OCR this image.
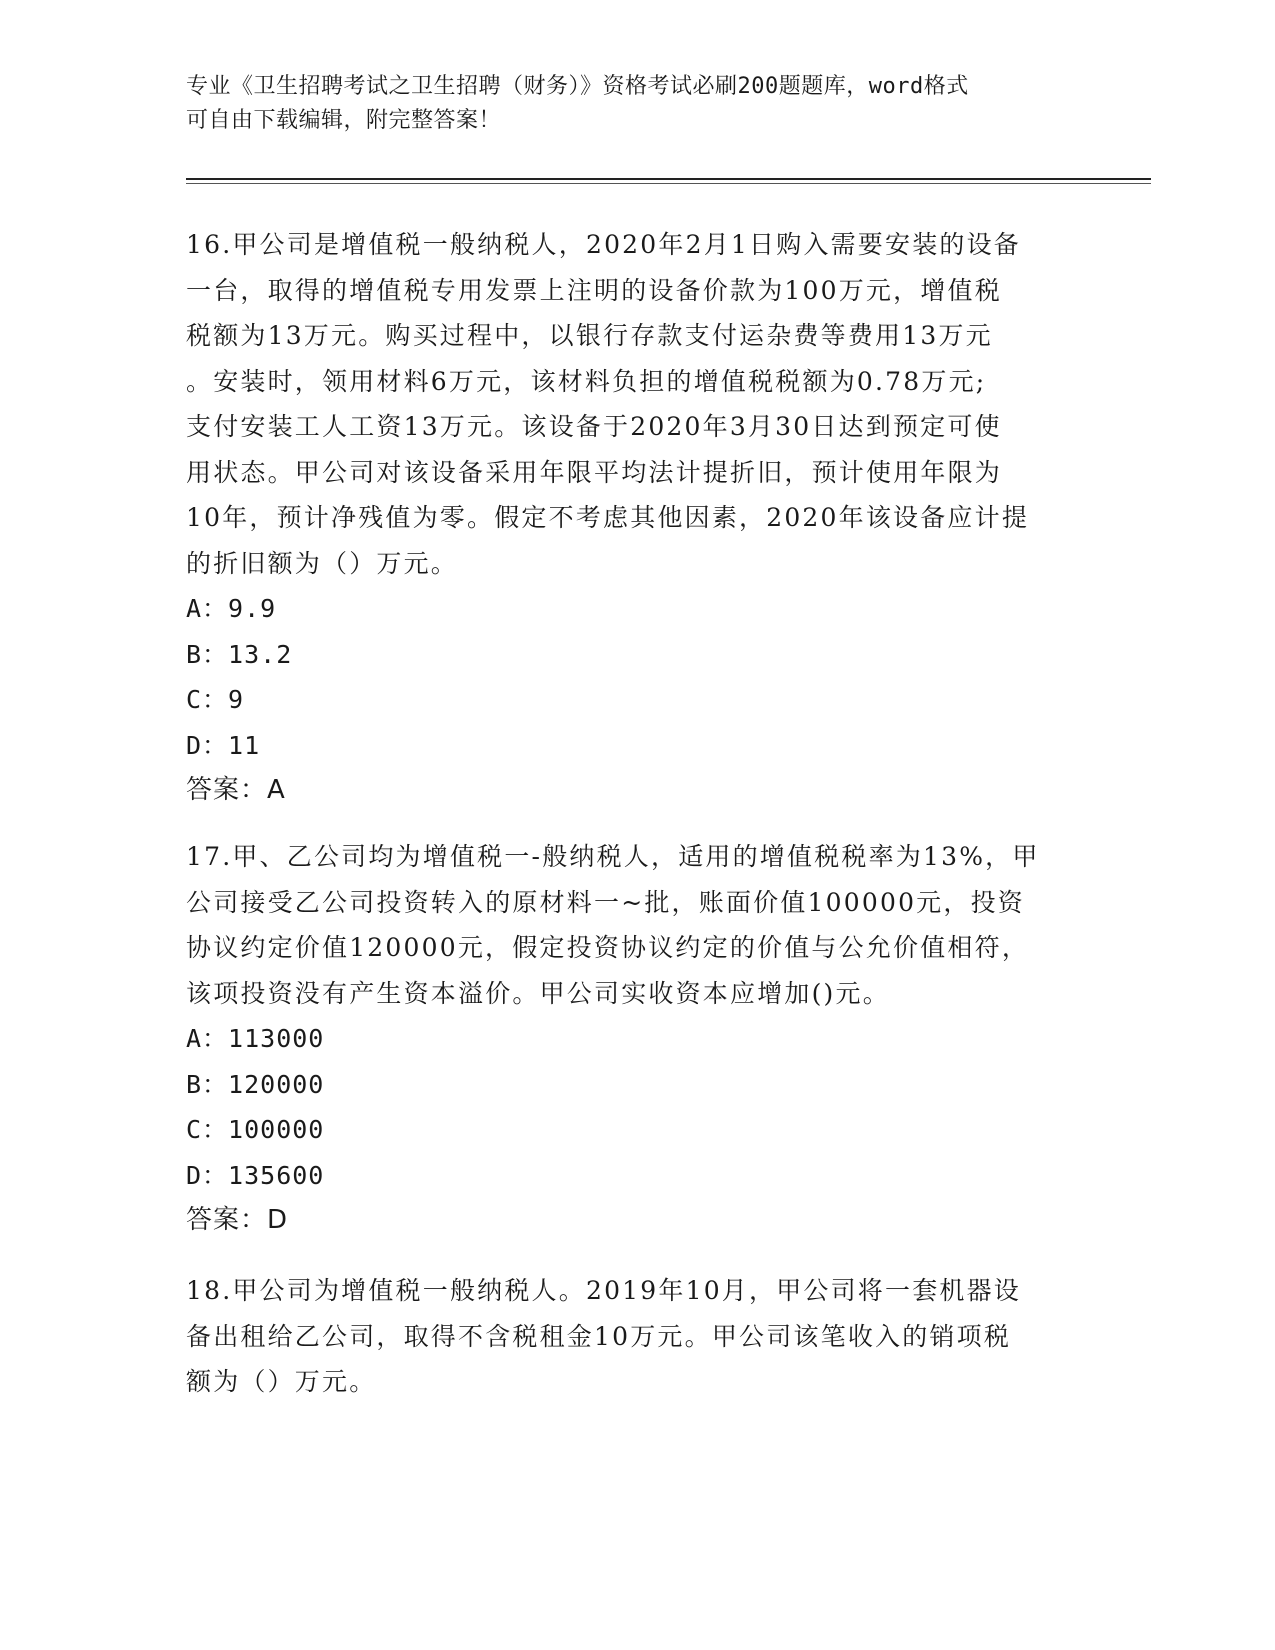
专业《卫生招聘考试之卫生招聘（财务）》资格考试必刷200题题库，word格式
可自由下载编辑，附完整答案！
16.甲公司是增值税一般纳税人，2020年2月1日购入需要安装的设备
一台，取得的增值税专用发票上注明的设备价款为100万元，增值税
税额为13万元。购买过程中，以银行存款支付运杂费等费用13万元
。安装时，领用材料6万元，该材料负担的增值税税额为0.78万元;
支付安装工人工资13万元。该设备于2020年3月30日达到预定可使
用状态。甲公司对该设备采用年限平均法计提折旧，预计使用年限为
10年，预计净残值为零。假定不考虑其他因素，2020年该设备应计提
的折旧额为（）万元。
A：9.9
B：13.2
C：9
D：11
答案：A
17.甲、乙公司均为增值税一-般纳税人，适用的增值税税率为13%，甲
公司接受乙公司投资转入的原材料一~批，账面价值100000元，投资
协议约定价值120000元，假定投资协议约定的价值与公允价值相符，
该项投资没有产生资本溢价。甲公司实收资本应增加()元。
A：113000
B：120000
C：100000
D：135600
答案：D
18.甲公司为增值税一般纳税人。2019年10月，甲公司将一套机器设
备出租给乙公司，取得不含税租金10万元。甲公司该笔收入的销项税
额为（）万元。
